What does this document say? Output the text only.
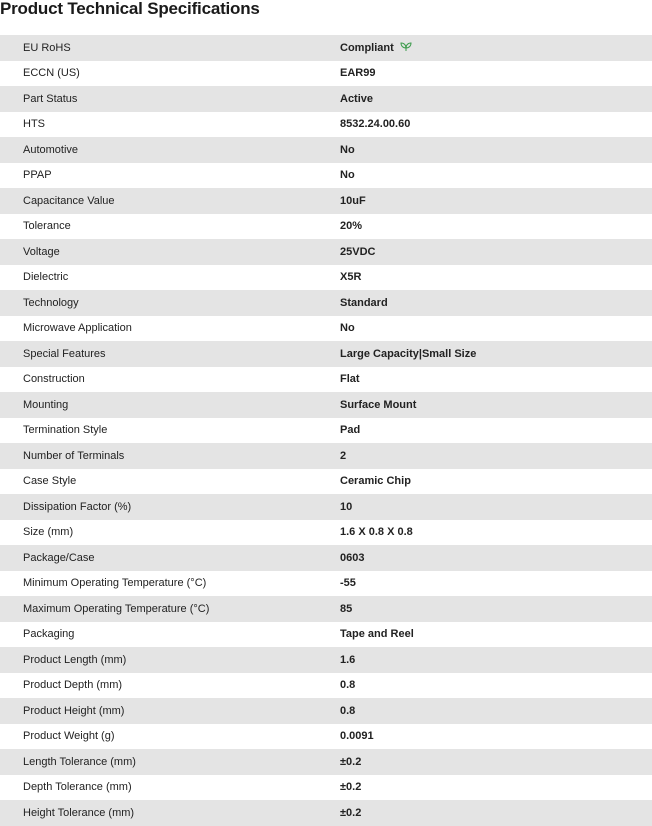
Product Technical Specifications
EU RoHS	Compliant
ECCN (US)	EAR99
Part Status	Active
HTS	8532.24.00.60
Automotive	No
PPAP	No
Capacitance Value	10uF
Tolerance	20%
Voltage	25VDC
Dielectric	X5R
Technology	Standard
Microwave Application	No
Special Features	Large Capacity|Small Size
Construction	Flat
Mounting	Surface Mount
Termination Style	Pad
Number of Terminals	2
Case Style	Ceramic Chip
Dissipation Factor (%)	10
Size (mm)	1.6 X 0.8 X 0.8
Package/Case	0603
Minimum Operating Temperature (°C)	-55
Maximum Operating Temperature (°C)	85
Packaging	Tape and Reel
Product Length (mm)	1.6
Product Depth (mm)	0.8
Product Height (mm)	0.8
Product Weight (g)	0.0091
Length Tolerance (mm)	±0.2
Depth Tolerance (mm)	±0.2
Height Tolerance (mm)	±0.2
